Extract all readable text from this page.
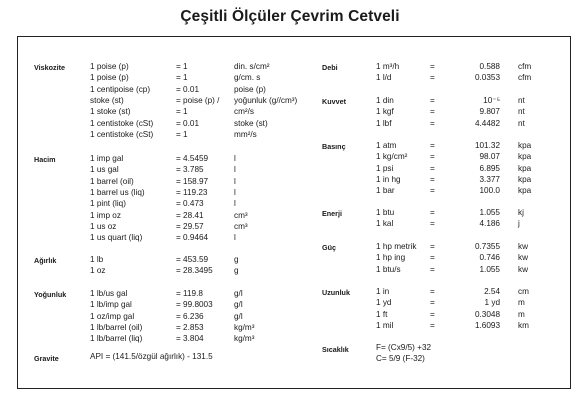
Çeşitli Ölçüler Çevrim Cetveli
Viskozite	1 poise (p)	= 1	din. s/cm²
1 poise (p)	= 1	g/cm. s
1 centipoise (cp)	= 0.01	poise (p)
stoke (st)	= poise (p) / yoğunluk (g//cm³)
1 stoke (st)	= 1	cm²/s
1 centistoke (cSt)	= 0.01	stoke (st)
1 centistoke (cSt)	= 1	mm²/s
Hacim	1 imp gal	= 4.5459	l
1 us gal	= 3.785	l
1 barrel (oil)	= 158.97	l
1 barrel us (liq)	= 119.23	l
1 pint (liq)	= 0.473	l
1 imp oz	= 28.41	cm³
1 us oz	= 29.57	cm³
1 us quart (liq)	= 0.9464	l
Ağırlık	1 lb	= 453.59	g
1 oz	= 28.3495	g
Yoğunluk	1 lb/us gal	= 119.8	g/l
1 lb/imp gal	= 99.8003	g/l
1 oz/imp gal	= 6.236	g/l
1 lb/barrel (oil)	= 2.853	kg/m³
1 lb/barrel (liq)	= 3.804	kg/m³
Gravite	API = (141.5/özgül ağırlık) - 131.5
Debi	1 m³/h	=	0.588 cfm
1 l/d	=	0.0353 cfm
Kuvvet	1 din	=	10⁻⁵ nt
1 kgf	=	9.807 nt
1 lbf	=	4.4482 nt
Basınç	1 atm	=	101.32 kpa
1 kg/cm²	=	98.07 kpa
1 psi	=	6.895 kpa
1 in hg	=	3.377 kpa
1 bar	=	100.0 kpa
Enerji	1 btu	=	1.055 kj
1 kal	=	4.186 j
Güç	1 hp metrik =	0.7355 kw
1 hp ing	=	0.746 kw
1 btu/s	=	1.055 kw
Uzunluk	1 in	=	2.54 cm
1 yd	=	1 yd m
1 ft	=	0.3048 m
1 mil	=	1.6093 km
Sıcaklık	F= (Cx9/5) +32
C= 5/9 (F-32)
